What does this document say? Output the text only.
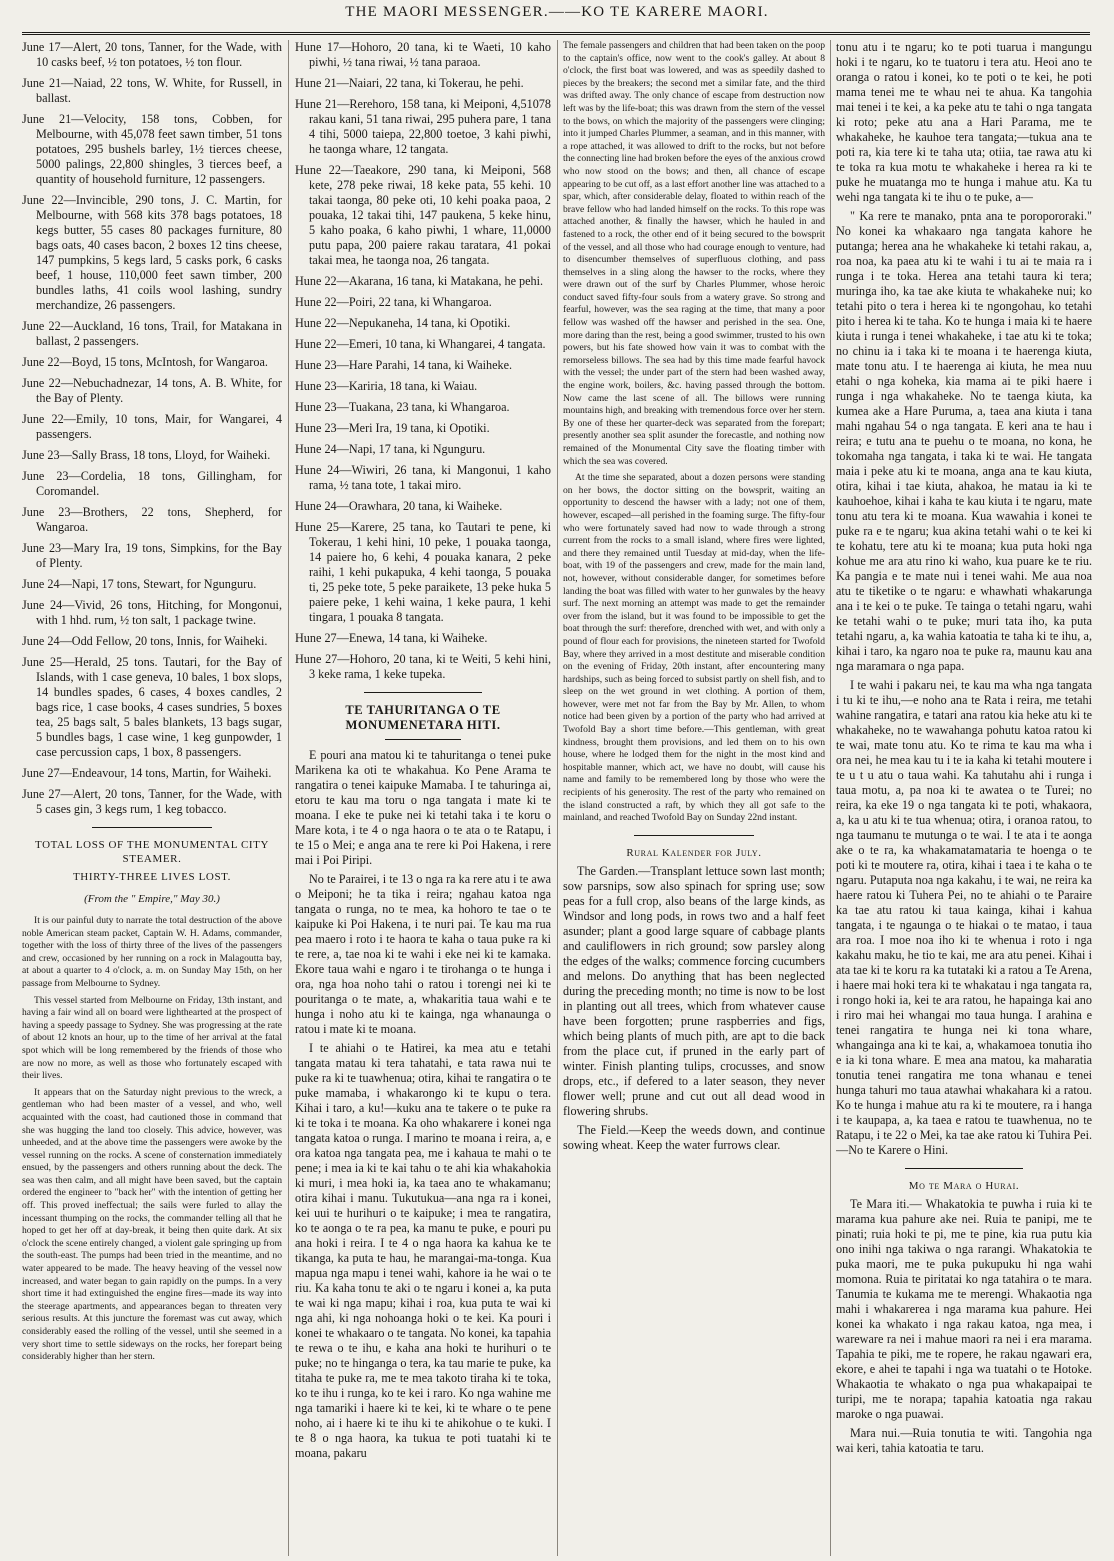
THE MAORI MESSENGER.——KO TE KARERE MAORI.

June 17—Alert, 20 tons, Tanner, for the Wade, with 10 casks beef, ½ ton potatoes, ½ ton flour.

June 21—Naiad, 22 tons, W. White, for Russell, in ballast.

June 21—Velocity, 158 tons, Cobben, for Melbourne, with 45,078 feet sawn timber, 51 tons potatoes, 295 bushels barley, 1½ tierces cheese, 5000 palings, 22,800 shingles, 3 tierces beef, a quantity of household furniture, 12 passengers.

June 22—Invincible, 290 tons, J. C. Martin, for Melbourne, with 568 kits 378 bags potatoes, 18 kegs butter, 55 cases 80 packages furniture, 80 bags oats, 40 cases bacon, 2 boxes 12 tins cheese, 147 pumpkins, 5 kegs lard, 5 casks pork, 6 casks beef, 1 house, 110,000 feet sawn timber, 200 bundles laths, 41 coils wool lashing, sundry merchandize, 26 passengers.

June 22—Auckland, 16 tons, Trail, for Matakana in ballast, 2 passengers.

June 22—Boyd, 15 tons, McIntosh, for Wangaroa.

June 22—Nebuchadnezar, 14 tons, A. B. White, for the Bay of Plenty.

June 22—Emily, 10 tons, Mair, for Wangarei, 4 passengers.

June 23—Sally Brass, 18 tons, Lloyd, for Waiheki.

June 23—Cordelia, 18 tons, Gillingham, for Coromandel.

June 23—Brothers, 22 tons, Shepherd, for Wangaroa.

June 23—Mary Ira, 19 tons, Simpkins, for the Bay of Plenty.

June 24—Napi, 17 tons, Stewart, for Ngunguru.

June 24—Vivid, 26 tons, Hitching, for Mongonui, with 1 hhd. rum, ½ ton salt, 1 package twine.

June 24—Odd Fellow, 20 tons, Innis, for Waiheki.

June 25—Herald, 25 tons. Tautari, for the Bay of Islands, with 1 case geneva, 10 bales, 1 box slops, 14 bundles spades, 6 cases, 4 boxes candles, 2 bags rice, 1 case books, 4 cases sundries, 5 boxes tea, 25 bags salt, 5 bales blankets, 13 bags sugar, 5 bundles bags, 1 case wine, 1 keg gunpowder, 1 case percussion caps, 1 box, 8 passengers.

June 27—Endeavour, 14 tons, Martin, for Waiheki.

June 27—Alert, 20 tons, Tanner, for the Wade, with 5 cases gin, 3 kegs rum, 1 keg tobacco.

TOTAL LOSS OF THE MONUMENTAL CITY STEAMER.
THIRTY-THREE LIVES LOST.
(From the " Empire," May 30.)

It is our painful duty to narrate the total destruction of the above noble American steam packet, Captain W. H. Adams, commander, together with the loss of thirty three of the lives of the passengers and crew, occasioned by her running on a rock in Malagoutta bay, at about a quarter to 4 o'clock, a. m. on Sunday May 15th, on her passage from Melbourne to Sydney.

This vessel started from Melbourne on Friday, 13th instant, and having a fair wind all on board were lighthearted at the prospect of having a speedy passage to Sydney. She was progressing at the rate of about 12 knots an hour, up to the time of her arrival at the fatal spot which will be long remembered by the friends of those who are now no more, as well as those who fortunately escaped with their lives.

It appears that on the Saturday night previous to the wreck, a gentleman who had been master of a vessel, and who, well acquainted with the coast, had cautioned those in command that she was hugging the land too closely. This advice, however, was unheeded, and at the above time the passengers were awoke by the vessel running on the rocks. A scene of consternation immediately ensued, by the passengers and others running about the deck. The sea was then calm, and all might have been saved, but the captain ordered the engineer to "back her" with the intention of getting her off. This proved ineffectual; the sails were furled to allay the incessant thumping on the rocks, the commander telling all that he hoped to get her off at day-break, it being then quite dark. At six o'clock the scene entirely changed, a violent gale springing up from the south-east. The pumps had been tried in the meantime, and no water appeared to be made. The heavy heaving of the vessel now increased, and water began to gain rapidly on the pumps. In a very short time it had extinguished the engine fires—made its way into the steerage apartments, and appearances began to threaten very serious results. At this juncture the foremast was cut away, which considerably eased the rolling of the vessel, until she seemed in a very short time to settle sideways on the rocks, her forepart being considerably higher than her stern.

Hune 17—Hohoro, 20 tana, ki te Waeti, 10 kaho piwhi, ½ tana riwai, ½ tana paraoa.

Hune 21—Naiari, 22 tana, ki Tokerau, he pehi.

Hune 21—Rerehoro, 158 tana, ki Meiponi, 4,51078 rakau kani, 51 tana riwai, 295 puhera pare, 1 tana 4 tihi, 5000 taiepa, 22,800 toetoe, 3 kahi piwhi, he taonga whare, 12 tangata.

Hune 22—Taeakore, 290 tana, ki Meiponi, 568 kete, 278 peke riwai, 18 keke pata, 55 kehi. 10 takai taonga, 80 peke oti, 10 kehi poaka paoa, 2 pouaka, 12 takai tihi, 147 paukena, 5 keke hinu, 5 kaho poaka, 6 kaho piwhi, 1 whare, 11,0000 putu papa, 200 paiere rakau taratara, 41 pokai takai mea, he taonga noa, 26 tangata.

Hune 22—Akarana, 16 tana, ki Matakana, he pehi.

Hune 22—Poiri, 22 tana, ki Whangaroa.

Hune 22—Nepukaneha, 14 tana, ki Opotiki.

Hune 22—Emeri, 10 tana, ki Whangarei, 4 tangata.

Hune 23—Hare Parahi, 14 tana, ki Waiheke.

Hune 23—Kariria, 18 tana, ki Waiau.

Hune 23—Tuakana, 23 tana, ki Whangaroa.

Hune 23—Meri Ira, 19 tana, ki Opotiki.

Hune 24—Napi, 17 tana, ki Ngunguru.

Hune 24—Wiwiri, 26 tana, ki Mangonui, 1 kaho rama, ½ tana tote, 1 takai miro.

Hune 24—Orawhara, 20 tana, ki Waiheke.

Hune 25—Karere, 25 tana, ko Tautari te pene, ki Tokerau, 1 kehi hini, 10 peke, 1 pouaka taonga, 14 paiere ho, 6 kehi, 4 pouaka kanara, 2 peke raihi, 1 kehi pukapuka, 4 kehi taonga, 5 pouaka ti, 25 peke tote, 5 peke paraikete, 13 peke huka 5 paiere peke, 1 kehi waina, 1 keke paura, 1 kehi tingara, 1 pouaka 8 tangata.

Hune 27—Enewa, 14 tana, ki Waiheke.

Hune 27—Hohoro, 20 tana, ki te Weiti, 5 kehi hini, 3 keke rama, 1 keke tupeka.

TE TAHURITANGA O TE MONUMENETARA HITI.

E pouri ana matou ki te tahuritanga o tenei puke Marikena ka oti te whakahua. Ko Pene Arama te rangatira o tenei kaipuke Mamaba. I te tahuringa ai, etoru te kau ma toru o nga tangata i mate ki te moana. I eke te puke nei ki tetahi taka i te koru o Mare kota, i te 4 o nga haora o te ata o te Ratapu, i te 15 o Mei; e anga ana te rere ki Poi Hakena, i rere mai i Poi Piripi.

No te Parairei, i te 13 o nga ra ka rere atu i te awa o Meiponi; he ta tika i reira; ngahau katoa nga tangata o runga, no te mea, ka hohoro te tae o te kaipuke ki Poi Hakena, i te nuri pai. Te kau ma rua pea maero i roto i te haora te kaha o taua puke ra ki te rere, a, tae noa ki te wahi i eke nei ki te kamaka. Ekore taua wahi e ngaro i te tirohanga o te hunga i ora, nga hoa noho tahi o ratou i torengi nei ki te pouritanga o te mate, a, whakaritia taua wahi e te hunga i noho atu ki te kainga, nga whanaunga o ratou i mate ki te moana.

I te ahiahi o te Hatirei, ka mea atu e tetahi tangata matau ki tera tahatahi, e tata rawa nui te puke ra ki te tuawhenua; otira, kihai te rangatira o te puke mamaba, i whakarongo ki te kupu o tera. Kihai i taro, a ku!—kuku ana te takere o te puke ra ki te toka i te moana. Ka oho whakarere i konei nga tangata katoa o runga. I marino te moana i reira, a, e ora katoa nga tangata pea, me i kahaua te mahi o te pene; i mea ia ki te kai tahu o te ahi kia whakahokia ki muri, i mea hoki ia, ka taea ano te whakamanu; otira kihai i manu. Tukutukua—ana nga ra i konei, kei uui te hurihuri o te kaipuke; i mea te rangatira, ko te aonga o te ra pea, ka manu te puke, e pouri pu ana hoki i reira. I te 4 o nga haora ka kahua ke te tikanga, ka puta te hau, he marangai-ma-tonga. Kua mapua nga mapu i tenei wahi, kahore ia he wai o te riu. Ka kaha tonu te aki o te ngaru i konei a, ka puta te wai ki nga mapu; kihai i roa, kua puta te wai ki nga ahi, ki nga nohoanga hoki o te kei. Ka pouri i konei te whakaaro o te tangata. No konei, ka tapahia te rewa o te ihu, e kaha ana hoki te hurihuri o te puke; no te hinganga o tera, ka tau marie te puke, ka titaha te puke ra, me te mea takoto tiraha ki te toka, ko te ihu i runga, ko te kei i raro. Ko nga wahine me nga tamariki i haere ki te kei, ki te whare o te pene noho, ai i haere ki te ihu ki te ahikohue o te kuki. I te 8 o nga haora, ka tukua te poti tuatahi ki te moana, pakaru

The female passengers and children that had been taken on the poop to the captain's office, now went to the cook's galley. At about 8 o'clock, the first boat was lowered, and was as speedily dashed to pieces by the breakers; the second met a similar fate, and the third was drifted away. The only chance of escape from destruction now left was by the life-boat; this was drawn from the stern of the vessel to the bows, on which the majority of the passengers were clinging; into it jumped Charles Plummer, a seaman, and in this manner, with a rope attached, it was allowed to drift to the rocks, but not before the connecting line had broken before the eyes of the anxious crowd who now stood on the bows; and then, all chance of escape appearing to be cut off, as a last effort another line was attached to a spar, which, after considerable delay, floated to within reach of the brave fellow who had landed himself on the rocks. To this rope was attached another, & finally the hawser, which he hauled in and fastened to a rock, the other end of it being secured to the bowsprit of the vessel, and all those who had courage enough to venture, had to disencumber themselves of superfluous clothing, and pass themselves in a sling along the hawser to the rocks, where they were drawn out of the surf by Charles Plummer, whose heroic conduct saved fifty-four souls from a watery grave. So strong and fearful, however, was the sea raging at the time, that many a poor fellow was washed off the hawser and perished in the sea. One, more daring than the rest, being a good swimmer, trusted to his own powers, but his fate showed how vain it was to combat with the remorseless billows. The sea had by this time made fearful havock with the vessel; the under part of the stern had been washed away, the engine work, boilers, &c. having passed through the bottom. Now came the last scene of all. The billows were running mountains high, and breaking with tremendous force over her stern. By one of these her quarter-deck was separated from the forepart; presently another sea split asunder the forecastle, and nothing now remained of the Monumental City save the floating timber with which the sea was covered.

At the time she separated, about a dozen persons were standing on her bows, the doctor sitting on the bowsprit, waiting an opportunity to descend the hawser with a lady; not one of them, however, escaped—all perished in the foaming surge. The fifty-four who were fortunately saved had now to wade through a strong current from the rocks to a small island, where fires were lighted, and there they remained until Tuesday at mid-day, when the life-boat, with 19 of the passengers and crew, made for the main land, not, however, without considerable danger, for sometimes before landing the boat was filled with water to her gunwales by the heavy surf. The next morning an attempt was made to get the remainder over from the island, but it was found to be impossible to get the boat through the surf: therefore, drenched with wet, and with only a pound of flour each for provisions, the nineteen started for Twofold Bay, where they arrived in a most destitute and miserable condition on the evening of Friday, 20th instant, after encountering many hardships, such as being forced to subsist partly on shell fish, and to sleep on the wet ground in wet clothing. A portion of them, however, were met not far from the Bay by Mr. Allen, to whom notice had been given by a portion of the party who had arrived at Twofold Bay a short time before.—This gentleman, with great kindness, brought them provisions, and led them on to his own house, where he lodged them for the night in the most kind and hospitable manner, which act, we have no doubt, will cause his name and family to be remembered long by those who were the recipients of his generosity. The rest of the party who remained on the island constructed a raft, by which they all got safe to the mainland, and reached Twofold Bay on Sunday 22nd instant.

Rural Kalender for July.

The Garden.—Transplant lettuce sown last month; sow parsnips, sow also spinach for spring use; sow peas for a full crop, also beans of the large kinds, as Windsor and long pods, in rows two and a half feet asunder; plant a good large square of cabbage plants and cauliflowers in rich ground; sow parsley along the edges of the walks; commence forcing cucumbers and melons. Do anything that has been neglected during the preceding month; no time is now to be lost in planting out all trees, which from whatever cause have been forgotten; prune raspberries and figs, which being plants of much pith, are apt to die back from the place cut, if pruned in the early part of winter. Finish planting tulips, crocusses, and snow drops, etc., if defered to a later season, they never flower well; prune and cut out all dead wood in flowering shrubs.

The Field.—Keep the weeds down, and continue sowing wheat. Keep the water furrows clear.

tonu atu i te ngaru; ko te poti tuarua i mangungu hoki i te ngaru, ko te tuatoru i tera atu. Heoi ano te oranga o ratou i konei, ko te poti o te kei, he poti mama tenei me te whau nei te ahua. Ka tangohia mai tenei i te kei, a ka peke atu te tahi o nga tangata ki roto; peke atu ana a Hari Parama, me te whakaheke, he kauhoe tera tangata;—tukua ana te poti ra, kia tere ki te taha uta; otiia, tae rawa atu ki te toka ra kua motu te whakaheke i herea ra ki te puke he muatanga mo te hunga i mahue atu. Ka tu wehi nga tangata ki te ihu o te puke, a—

" Ka rere te manako, pnta ana te poropororaki." No konei ka whakaaro nga tangata kahore he putanga; herea ana he whakaheke ki tetahi rakau, a, roa noa, ka paea atu ki te wahi i tu ai te maia ra i runga i te toka. Herea ana tetahi taura ki tera; muringa iho, ka tae ake kiuta te whakaheke nui; ko tetahi pito o tera i herea ki te ngongohau, ko tetahi pito i herea ki te taha. Ko te hunga i maia ki te haere kiuta i runga i tenei whakaheke, i tae atu ki te toka; no chinu ia i taka ki te moana i te haerenga kiuta, mate tonu atu. I te haerenga ai kiuta, he mea nuu etahi o nga koheka, kia mama ai te piki haere i runga i nga whakaheke. No te taenga kiuta, ka kumea ake a Hare Puruma, a, taea ana kiuta i tana mahi ngahau 54 o nga tangata. E keri ana te hau i reira; e tutu ana te puehu o te moana, no kona, he tokomaha nga tangata, i taka ki te wai. He tangata maia i peke atu ki te moana, anga ana te kau kiuta, otira, kihai i tae kiuta, ahakoa, he matau ia ki te kauhoehoe, kihai i kaha te kau kiuta i te ngaru, mate tonu atu tera ki te moana. Kua wawahia i konei te puke ra e te ngaru; kua akina tetahi wahi o te kei ki te kohatu, tere atu ki te moana; kua puta hoki nga kohue me ara atu rino ki waho, kua puare ke te riu. Ka pangia e te mate nui i tenei wahi. Me aua noa atu te tiketike o te ngaru: e whawhati whakarunga ana i te kei o te puke. Te tainga o tetahi ngaru, wahi ke tetahi wahi o te puke; muri tata iho, ka puta tetahi ngaru, a, ka wahia katoatia te taha ki te ihu, a, kihai i taro, ka ngaro noa te puke ra, maunu kau ana nga maramara o nga papa.

I te wahi i pakaru nei, te kau ma wha nga tangata i tu ki te ihu,—e noho ana te Rata i reira, me tetahi wahine rangatira, e tatari ana ratou kia heke atu ki te whakaheke, no te wawahanga pohutu katoa ratou ki te wai, mate tonu atu. Ko te rima te kau ma wha i ora nei, he mea kau tu i te ia kaha ki tetahi moutere i te u t u atu o taua wahi. Ka tahutahu ahi i runga i taua motu, a, pa noa ki te awatea o te Turei; no reira, ka eke 19 o nga tangata ki te poti, whakaora, a, ka u atu ki te tua whenua; otira, i oranoa ratou, to nga taumanu te mutunga o te wai. I te ata i te aonga ake o te ra, ka whakamatamataria te hoenga o te poti ki te moutere ra, otira, kihai i taea i te kaha o te ngaru. Putaputa noa nga kakahu, i te wai, ne reira ka haere ratou ki Tuhera Pei, no te ahiahi o te Paraire ka tae atu ratou ki taua kainga, kihai i kahua tangata, i te ngaunga o te hiakai o te matao, i taua ara roa. I moe noa iho ki te whenua i roto i nga kakahu maku, he tio te kai, me ara atu penei. Kihai i ata tae ki te koru ra ka tutataki ki a ratou a Te Arena, i haere mai hoki tera ki te whakatau i nga tangata ra, i rongo hoki ia, kei te ara ratou, he hapainga kai ano i riro mai hei whangai mo taua hunga. I arahina e tenei rangatira te hunga nei ki tona whare, whangainga ana ki te kai, a, whakamoea tonutia iho e ia ki tona whare. E mea ana matou, ka maharatia tonutia tenei rangatira me tona whanau e tenei hunga tahuri mo taua atawhai whakahara ki a ratou. Ko te hunga i mahue atu ra ki te moutere, ra i hanga i te kaupapa, a, ka taea e ratou te tuawhenua, no te Ratapu, i te 22 o Mei, ka tae ake ratou ki Tuhira Pei.—No te Karere o Hini.

Mo te Mara o Hurai.

Te Mara iti.— Whakatokia te puwha i ruia ki te marama kua pahure ake nei. Ruia te panipi, me te pinati; ruia hoki te pi, me te pine, kia rua putu kia ono inihi nga takiwa o nga rarangi. Whakatokia te puka maori, me te puka pukupuku hi nga wahi momona. Ruia te piritatai ko nga tatahira o te mara. Tanumia te kukama me te merengi. Whakaotia nga mahi i whakarerea i nga marama kua pahure. Hei konei ka whakato i nga rakau katoa, nga mea, i wareware ra nei i mahue maori ra nei i era marama. Tapahia te piki, me te ropere, he rakau ngawari era, ekore, e ahei te tapahi i nga wa tuatahi o te Hotoke. Whakaotia te whakato o nga pua whakapaipai te turipi, me te norapa; tapahia katoatia nga rakau maroke o nga puawai.

Mara nui.—Ruia tonutia te witi. Tangohia nga wai keri, tahia katoatia te taru.
